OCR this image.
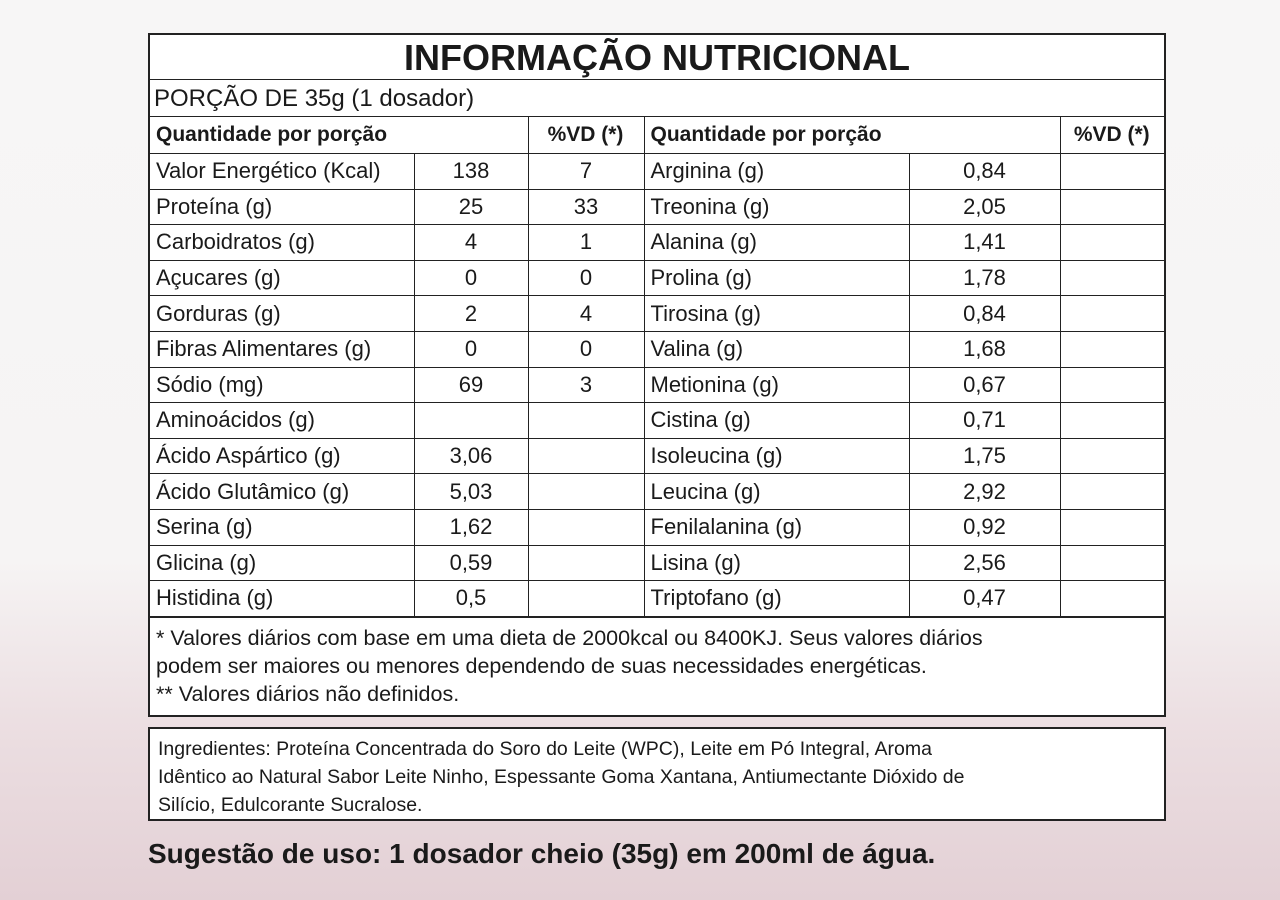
INFORMAÇÃO NUTRICIONAL
PORÇÃO DE 35g (1 dosador)
Quantidade por porção		%VD (*)	Quantidade por porção		%VD (*)
Valor Energético (Kcal)	138	7	Arginina (g)	0,84	
Proteína (g)	25	33	Treonina (g)	2,05	
Carboidratos (g)	4	1	Alanina (g)	1,41	
Açucares (g)	0	0	Prolina (g)	1,78	
Gorduras (g)	2	4	Tirosina (g)	0,84	
Fibras Alimentares (g)	0	0	Valina (g)	1,68	
Sódio (mg)	69	3	Metionina (g)	0,67	
Aminoácidos (g)			Cistina (g)	0,71	
Ácido Aspártico (g)	3,06		Isoleucina (g)	1,75	
Ácido Glutâmico (g)	5,03		Leucina (g)	2,92	
Serina (g)	1,62		Fenilalanina (g)	0,92	
Glicina (g)	0,59		Lisina (g)	2,56	
Histidina (g)	0,5		Triptofano (g)	0,47	
* Valores diários com base em uma dieta de 2000kcal ou 8400KJ. Seus valores diários
podem ser maiores ou menores dependendo de suas necessidades energéticas.
** Valores diários não definidos.
Ingredientes: Proteína Concentrada do Soro do Leite (WPC), Leite em Pó Integral, Aroma
Idêntico ao Natural Sabor Leite Ninho, Espessante Goma Xantana, Antiumectante Dióxido de
Silício, Edulcorante Sucralose.
Sugestão de uso: 1 dosador cheio (35g) em 200ml de água.
